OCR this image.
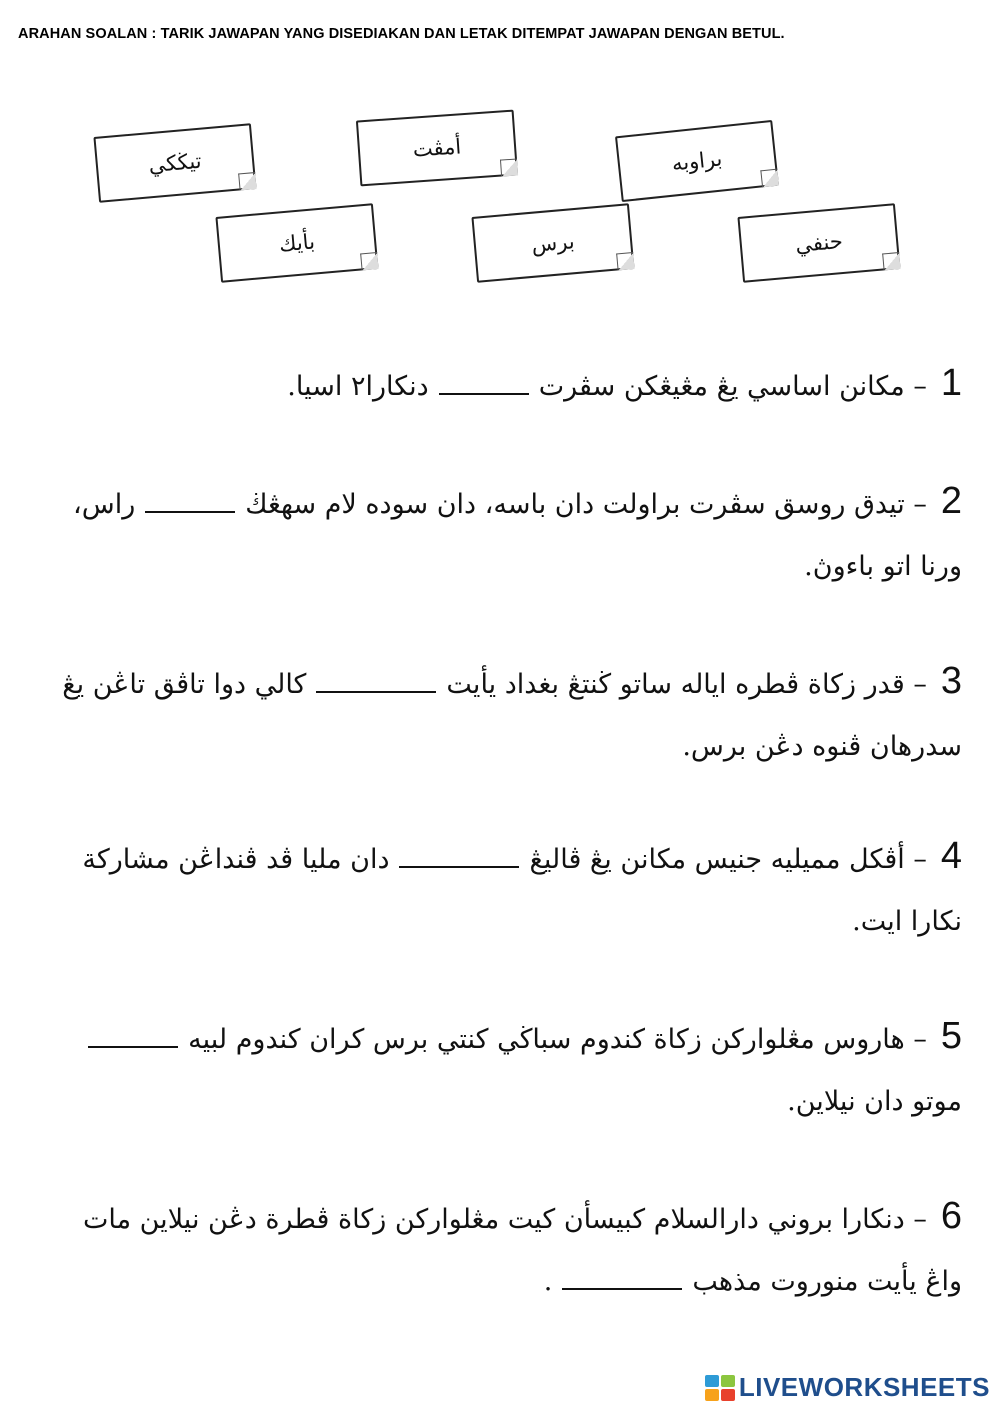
ARAHAN SOALAN : TARIK JAWAPAN YANG DISEDIAKAN DAN LETAK DITEMPAT JAWAPAN DENGAN BETUL.
تيڬکي
أمڤت	براوبه
بأيك	برس	حنفي
1– مکانن اساسي يڠ مڠيڠکن سڤرتدنکارا٢ اسيا.
2– تيدق روسق سڤرت براولت دان باسه، دان سوده لام سهڠڬراس، ورنا اتو باءوڽ.
3– قدر زکاة ڤطره اياله ساتو ڬنتڠ بغداد يأيتکالي دوا تاڤق تاڠن يڠ سدرهان ڤنوه دڠن برس.
4– أڤکل مميليه جنيس مکانن يڠ ڤاليڠدان مليا ڤد ڤنداڠن مشارکة نکارا ايت.
5– هاروس مڠلوارکن زکاة کندوم سباڬي کنتي برس کران کندوم لبيهموتو دان نيلاين.
6– دنکارا بروني دارالسلام کبيسأن کيت مڠلوارکن زکاة ڤطرة دڠن نيلاين مات واڠ يأيت منوروت مذهب.
LIVEWORKSHEETS
